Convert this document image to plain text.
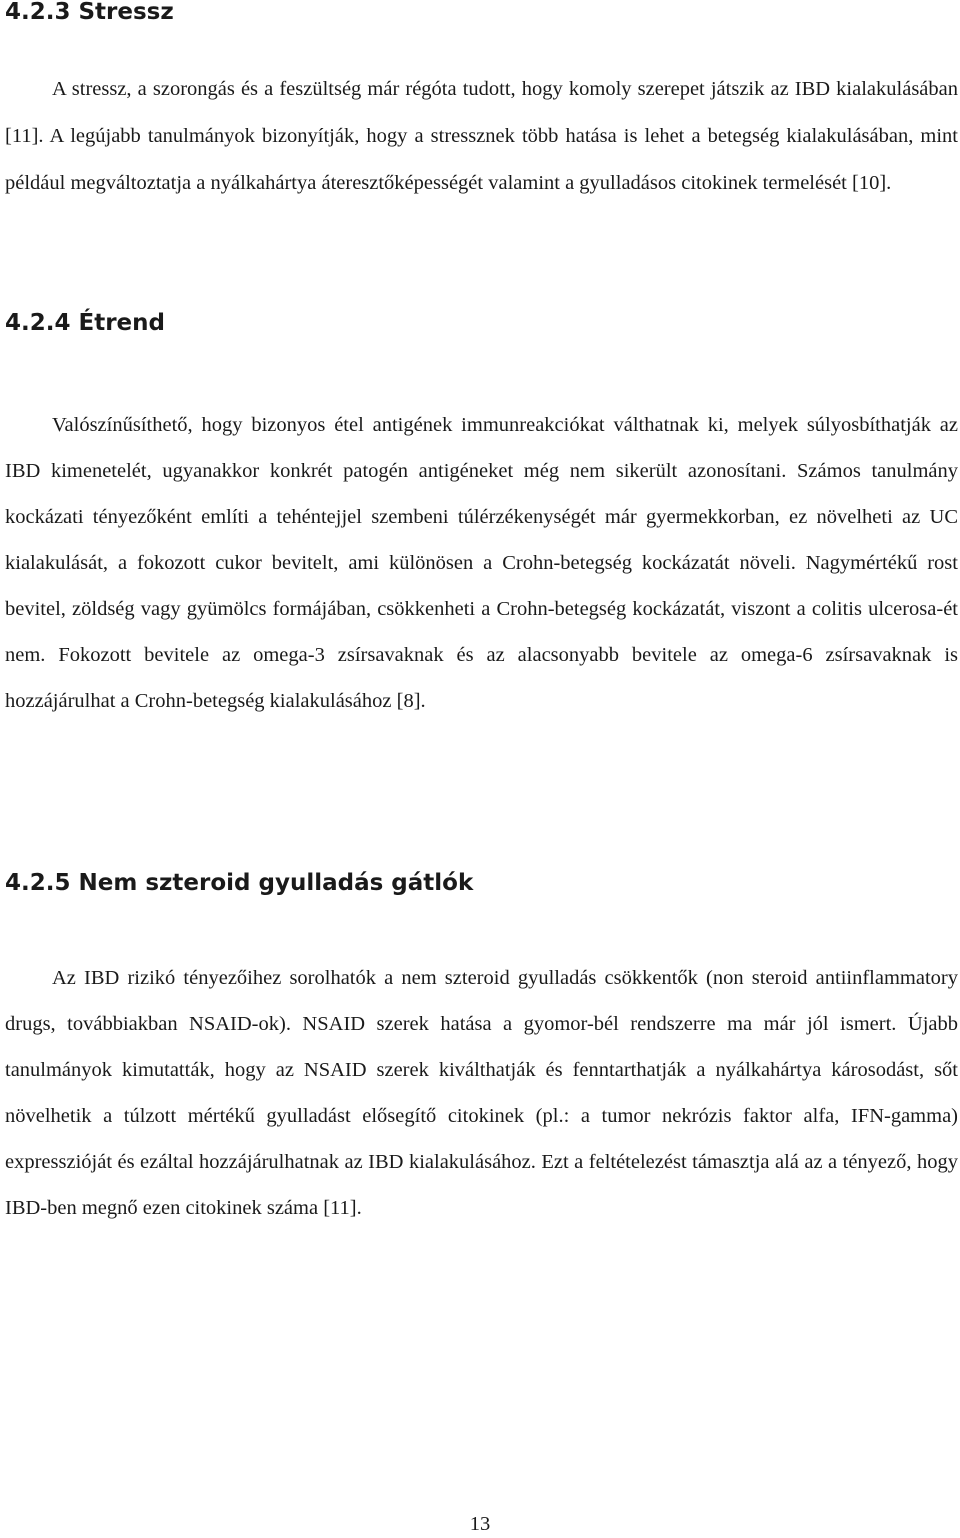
4.2.3 Stressz

A stressz, a szorongás és a feszültség már régóta tudott, hogy komoly szerepet játszik az IBD kialakulásában [11]. A legújabb tanulmányok bizonyítják, hogy a stressznek több hatása is lehet a betegség kialakulásában, mint például megváltoztatja a nyálkahártya áteresztőképességét valamint a gyulladásos citokinek termelését [10].

4.2.4 Étrend

Valószínűsíthető, hogy bizonyos étel antigének immunreakciókat válthatnak ki, melyek súlyosbíthatják az IBD kimenetelét, ugyanakkor konkrét patogén antigéneket még nem sikerült azonosítani. Számos tanulmány kockázati tényezőként említi a tehéntejjel szembeni túlérzékenységét már gyermekkorban, ez növelheti az UC kialakulását, a fokozott cukor bevitelt, ami különösen a Crohn-betegség kockázatát növeli. Nagymértékű rost bevitel, zöldség vagy gyümölcs formájában, csökkenheti a Crohn-betegség kockázatát, viszont a colitis ulcerosa-ét nem. Fokozott bevitele az omega-3 zsírsavaknak és az alacsonyabb bevitele az omega-6 zsírsavaknak is hozzájárulhat a Crohn-betegség kialakulásához [8].

4.2.5 Nem szteroid gyulladás gátlók

Az IBD rizikó tényezőihez sorolhatók a nem szteroid gyulladás csökkentők (non steroid antiinflammatory drugs, továbbiakban NSAID-ok). NSAID szerek hatása a gyomor-bél rendszerre ma már jól ismert. Újabb tanulmányok kimutatták, hogy az NSAID szerek kiválthatják és fenntarthatják a nyálkahártya károsodást, sőt növelhetik a túlzott mértékű gyulladást elősegítő citokinek (pl.: a tumor nekrózis faktor alfa, IFN-gamma) expresszióját és ezáltal hozzájárulhatnak az IBD kialakulásához. Ezt a feltételezést támasztja alá az a tényező, hogy IBD-ben megnő ezen citokinek száma [11].

13
